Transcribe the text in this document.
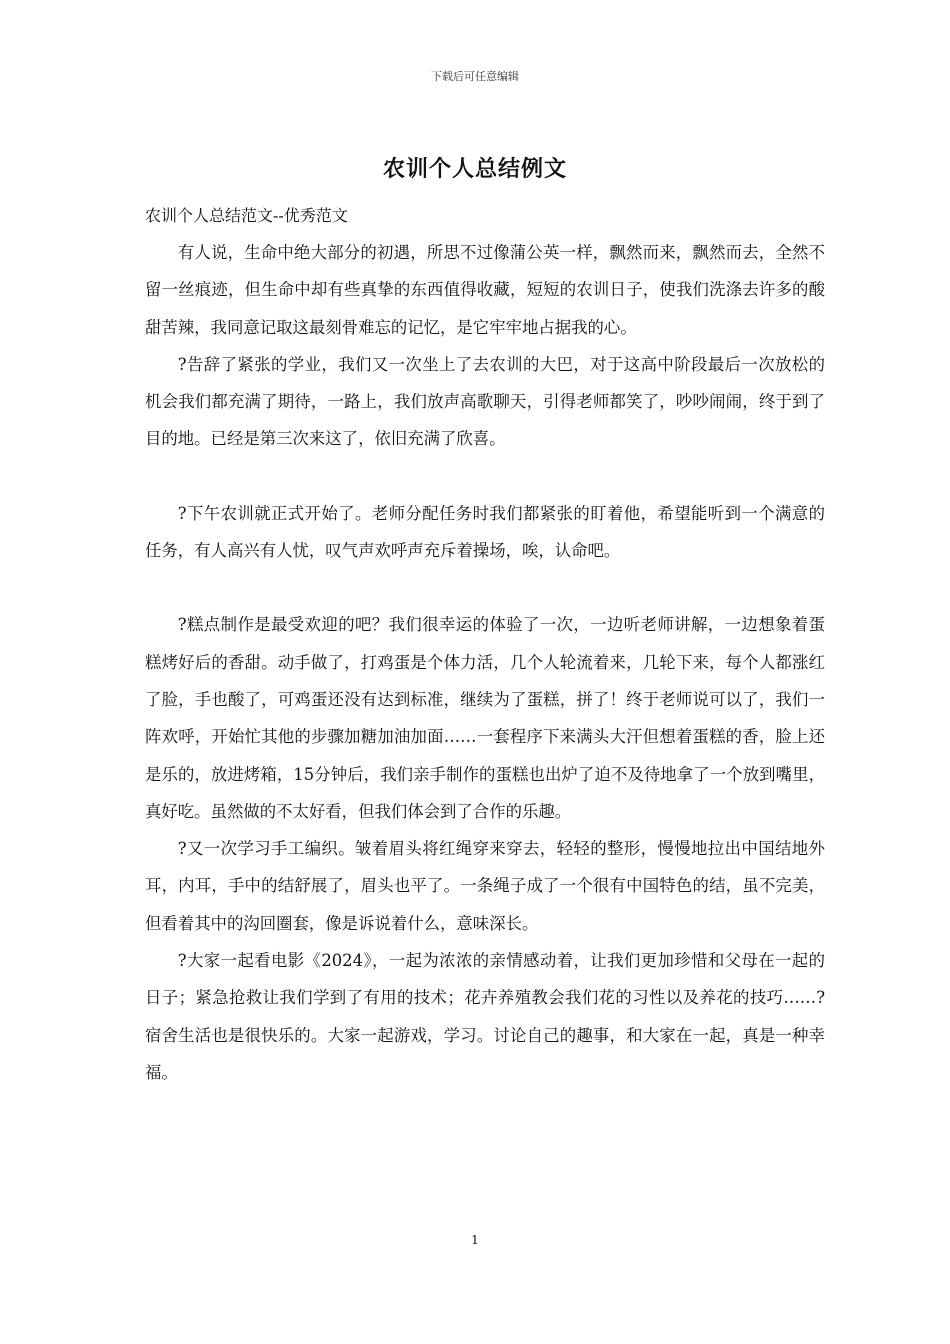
下载后可任意编辑
农训个人总结例文
农训个人总结范文--优秀范文

有人说，生命中绝大部分的初遇，所思不过像蒲公英一样，飘然而来，飘然而去，全然不留一丝痕迹，但生命中却有些真挚的东西值得收藏，短短的农训日子，使我们洗涤去许多的酸甜苦辣，我同意记取这最刻骨难忘的记忆，是它牢牢地占据我的心。

?告辞了紧张的学业，我们又一次坐上了去农训的大巴，对于这高中阶段最后一次放松的机会我们都充满了期待，一路上，我们放声高歌聊天，引得老师都笑了，吵吵闹闹，终于到了目的地。已经是第三次来这了，依旧充满了欣喜。

?下午农训就正式开始了。老师分配任务时我们都紧张的盯着他，希望能听到一个满意的任务，有人高兴有人忧，叹气声欢呼声充斥着操场，唉，认命吧。

?糕点制作是最受欢迎的吧？我们很幸运的体验了一次，一边听老师讲解，一边想象着蛋糕烤好后的香甜。动手做了，打鸡蛋是个体力活，几个人轮流着来，几轮下来，每个人都涨红了脸，手也酸了，可鸡蛋还没有达到标准，继续为了蛋糕，拼了！终于老师说可以了，我们一阵欢呼，开始忙其他的步骤加糖加油加面……一套程序下来满头大汗但想着蛋糕的香，脸上还是乐的，放进烤箱，15分钟后，我们亲手制作的蛋糕也出炉了迫不及待地拿了一个放到嘴里，真好吃。虽然做的不太好看，但我们体会到了合作的乐趣。

?又一次学习手工编织。皱着眉头将红绳穿来穿去，轻轻的整形，慢慢地拉出中国结地外耳，内耳，手中的结舒展了，眉头也平了。一条绳子成了一个很有中国特色的结，虽不完美，但看着其中的沟回圈套，像是诉说着什么，意味深长。

?大家一起看电影《2024》，一起为浓浓的亲情感动着，让我们更加珍惜和父母在一起的日子；紧急抢救让我们学到了有用的技术；花卉养殖教会我们花的习性以及养花的技巧……?宿舍生活也是很快乐的。大家一起游戏，学习。讨论自己的趣事，和大家在一起，真是一种幸福。

1
